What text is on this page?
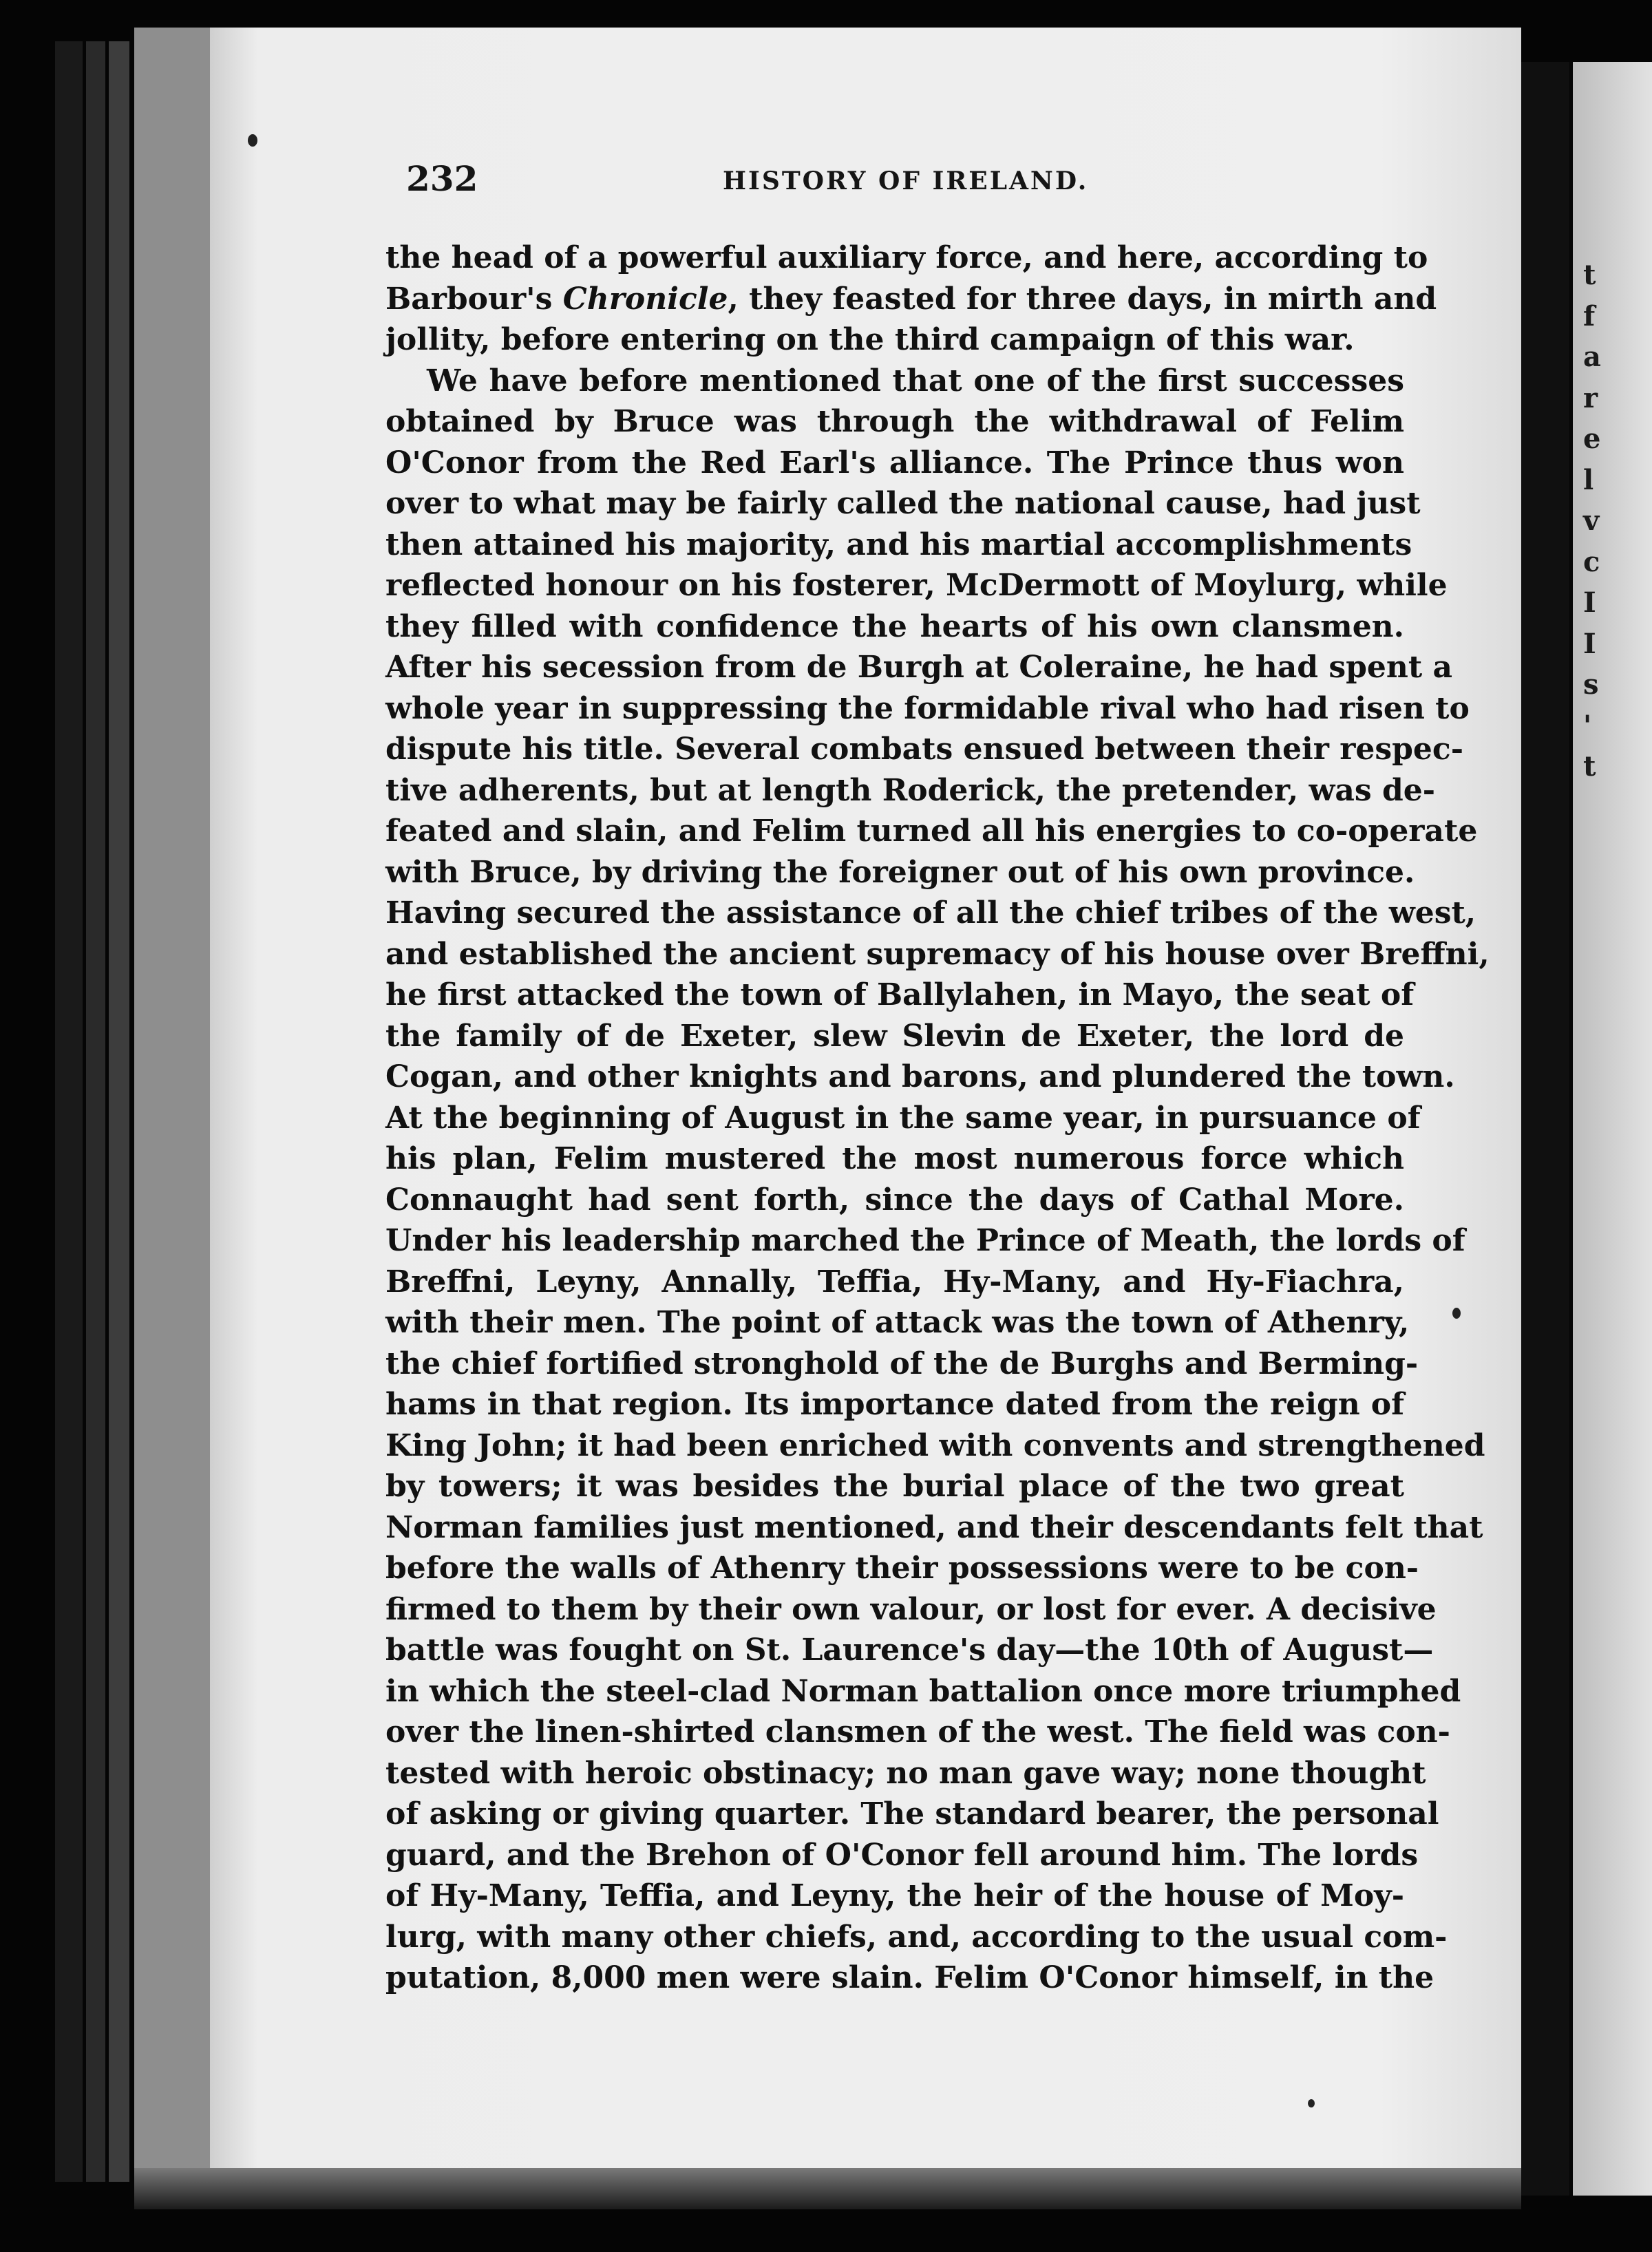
t
f
a
r
e
l
v
c
I
I
s
'
t
232	HISTORY OF IRELAND.
the head of a powerful auxiliary force, and here, according to
Barbour's Chronicle, they feasted for three days, in mirth and
jollity, before entering on the third campaign of this war.
We have before mentioned that one of the first successes
obtained by Bruce was through the withdrawal of Felim
O'Conor from the Red Earl's alliance. The Prince thus won
over to what may be fairly called the national cause, had just
then attained his majority, and his martial accomplishments
reflected honour on his fosterer, McDermott of Moylurg, while
they filled with confidence the hearts of his own clansmen.
After his secession from de Burgh at Coleraine, he had spent a
whole year in suppressing the formidable rival who had risen to
dispute his title. Several combats ensued between their respec-
tive adherents, but at length Roderick, the pretender, was de-
feated and slain, and Felim turned all his energies to co-operate
with Bruce, by driving the foreigner out of his own province.
Having secured the assistance of all the chief tribes of the west,
and established the ancient supremacy of his house over Breffni,
he first attacked the town of Ballylahen, in Mayo, the seat of
the family of de Exeter, slew Slevin de Exeter, the lord de
Cogan, and other knights and barons, and plundered the town.
At the beginning of August in the same year, in pursuance of
his plan, Felim mustered the most numerous force which
Connaught had sent forth, since the days of Cathal More.
Under his leadership marched the Prince of Meath, the lords of
Breffni, Leyny, Annally, Teffia, Hy-Many, and Hy-Fiachra,
with their men. The point of attack was the town of Athenry,
the chief fortified stronghold of the de Burghs and Berming-
hams in that region. Its importance dated from the reign of
King John; it had been enriched with convents and strengthened
by towers; it was besides the burial place of the two great
Norman families just mentioned, and their descendants felt that
before the walls of Athenry their possessions were to be con-
firmed to them by their own valour, or lost for ever. A decisive
battle was fought on St. Laurence's day—the 10th of August—
in which the steel-clad Norman battalion once more triumphed
over the linen-shirted clansmen of the west. The field was con-
tested with heroic obstinacy; no man gave way; none thought
of asking or giving quarter. The standard bearer, the personal
guard, and the Brehon of O'Conor fell around him. The lords
of Hy-Many, Teffia, and Leyny, the heir of the house of Moy-
lurg, with many other chiefs, and, according to the usual com-
putation, 8,000 men were slain. Felim O'Conor himself, in the
